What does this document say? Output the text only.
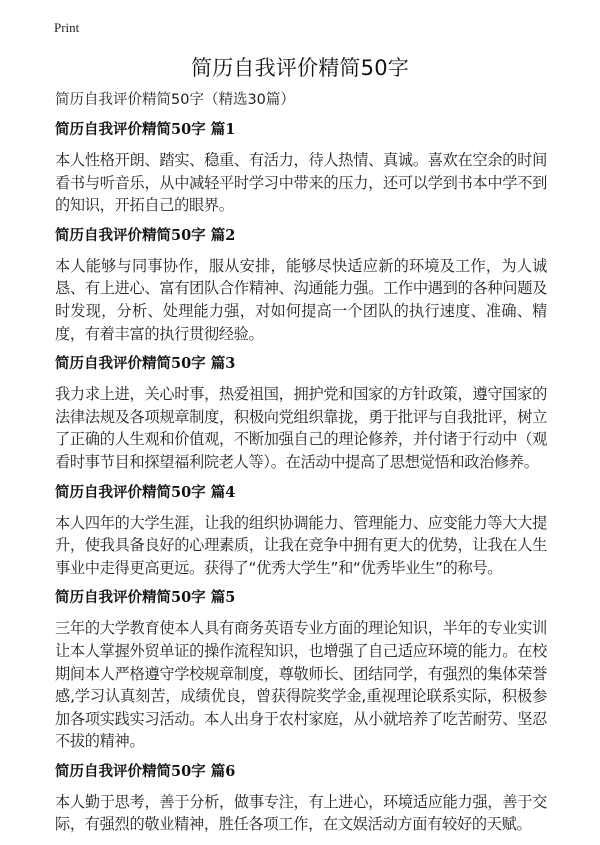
Print
简历自我评价精简50字

简历自我评价精简50字（精选30篇）

简历自我评价精简50字 篇1

本人性格开朗、踏实、稳重、有活力，待人热情、真诚。喜欢在空余的时间看书与听音乐，从中减轻平时学习中带来的压力，还可以学到书本中学不到的知识，开拓自己的眼界。

简历自我评价精简50字 篇2

本人能够与同事协作，服从安排，能够尽快适应新的环境及工作，为人诚恳、有上进心、富有团队合作精神、沟通能力强。工作中遇到的各种问题及时发现，分析、处理能力强，对如何提高一个团队的执行速度、准确、精度，有着丰富的执行贯彻经验。

简历自我评价精简50字 篇3

我力求上进，关心时事，热爱祖国，拥护党和国家的方针政策，遵守国家的法律法规及各项规章制度，积极向党组织靠拢，勇于批评与自我批评，树立了正确的人生观和价值观，不断加强自己的理论修养，并付诸于行动中（观看时事节目和探望福利院老人等）。在活动中提高了思想觉悟和政治修养。

简历自我评价精简50字 篇4

本人四年的大学生涯，让我的组织协调能力、管理能力、应变能力等大大提升，使我具备良好的心理素质，让我在竞争中拥有更大的优势，让我在人生事业中走得更高更远。获得了“优秀大学生”和“优秀毕业生”的称号。

简历自我评价精简50字 篇5

三年的大学教育使本人具有商务英语专业方面的理论知识，半年的专业实训让本人掌握外贸单证的操作流程知识，也增强了自己适应环境的能力。在校期间本人严格遵守学校规章制度，尊敬师长、团结同学，有强烈的集体荣誉感,学习认真刻苦，成绩优良，曾获得院奖学金,重视理论联系实际，积极参加各项实践实习活动。本人出身于农村家庭，从小就培养了吃苦耐劳、坚忍不拔的精神。

简历自我评价精简50字 篇6

本人勤于思考，善于分析，做事专注，有上进心，环境适应能力强，善于交际，有强烈的敬业精神，胜任各项工作，在文娱活动方面有较好的天赋。
